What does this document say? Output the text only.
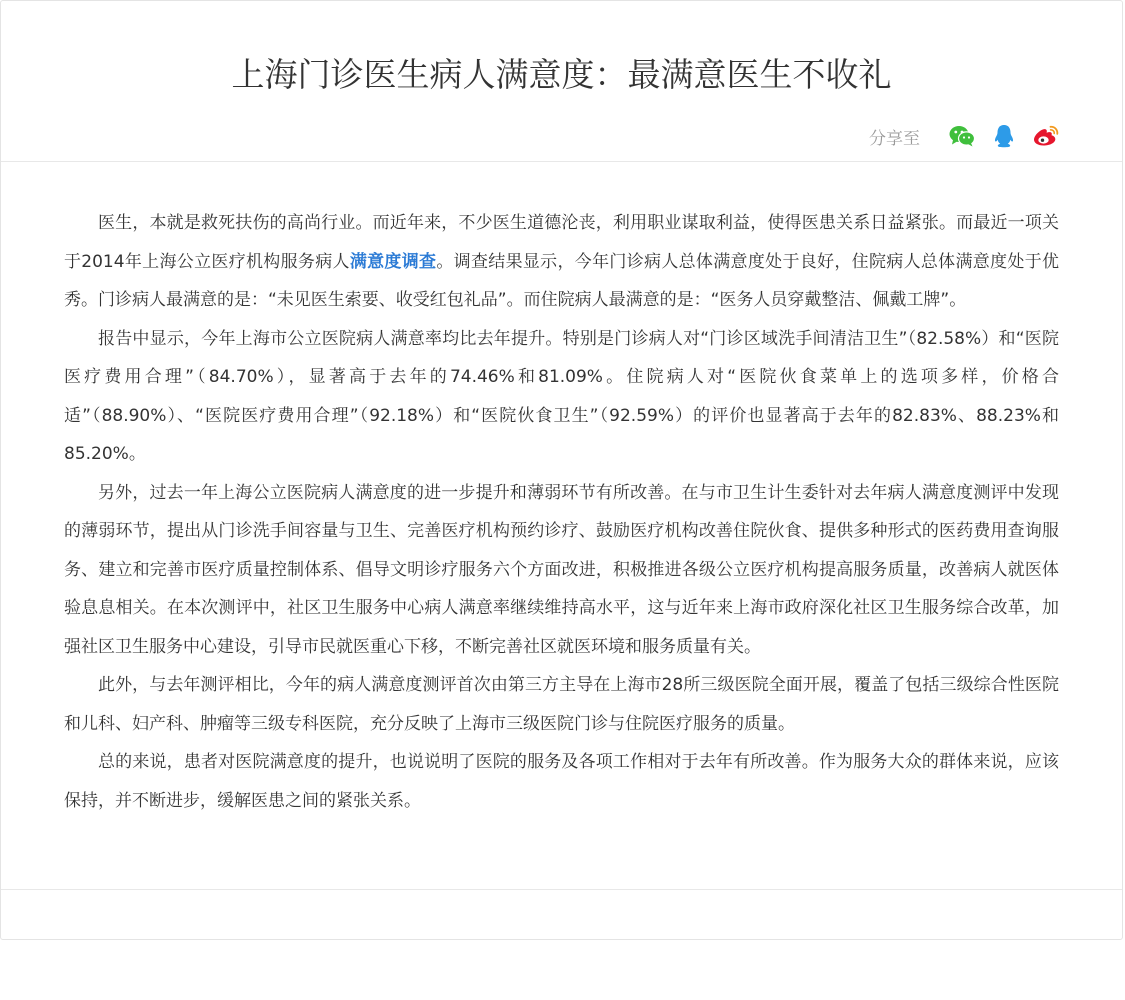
上海门诊医生病人满意度：最满意医生不收礼
分享至

医生，本就是救死扶伤的高尚行业。而近年来，不少医生道德沦丧，利用职业谋取利益，使得医患关系日益紧张。而最近一项关于2014年上海公立医疗机构服务病人满意度调查。调查结果显示，今年门诊病人总体满意度处于良好，住院病人总体满意度处于优秀。门诊病人最满意的是：“未见医生索要、收受红包礼品”。而住院病人最满意的是：“医务人员穿戴整洁、佩戴工牌”。

报告中显示，今年上海市公立医院病人满意率均比去年提升。特别是门诊病人对“门诊区域洗手间清洁卫生”（82.58%）和“医院医疗费用合理”（84.70%），显著高于去年的74.46%和81.09%。住院病人对“医院伙食菜单上的选项多样，价格合适”（88.90%）、“医院医疗费用合理”（92.18%）和“医院伙食卫生”（92.59%）的评价也显著高于去年的82.83%、88.23%和85.20%。

另外，过去一年上海公立医院病人满意度的进一步提升和薄弱环节有所改善。在与市卫生计生委针对去年病人满意度测评中发现的薄弱环节，提出从门诊洗手间容量与卫生、完善医疗机构预约诊疗、鼓励医疗机构改善住院伙食、提供多种形式的医药费用查询服务、建立和完善市医疗质量控制体系、倡导文明诊疗服务六个方面改进，积极推进各级公立医疗机构提高服务质量，改善病人就医体验息息相关。在本次测评中，社区卫生服务中心病人满意率继续维持高水平，这与近年来上海市政府深化社区卫生服务综合改革，加强社区卫生服务中心建设，引导市民就医重心下移，不断完善社区就医环境和服务质量有关。

此外，与去年测评相比，今年的病人满意度测评首次由第三方主导在上海市28所三级医院全面开展，覆盖了包括三级综合性医院和儿科、妇产科、肿瘤等三级专科医院，充分反映了上海市三级医院门诊与住院医疗服务的质量。

总的来说，患者对医院满意度的提升，也说说明了医院的服务及各项工作相对于去年有所改善。作为服务大众的群体来说，应该保持，并不断进步，缓解医患之间的紧张关系。
